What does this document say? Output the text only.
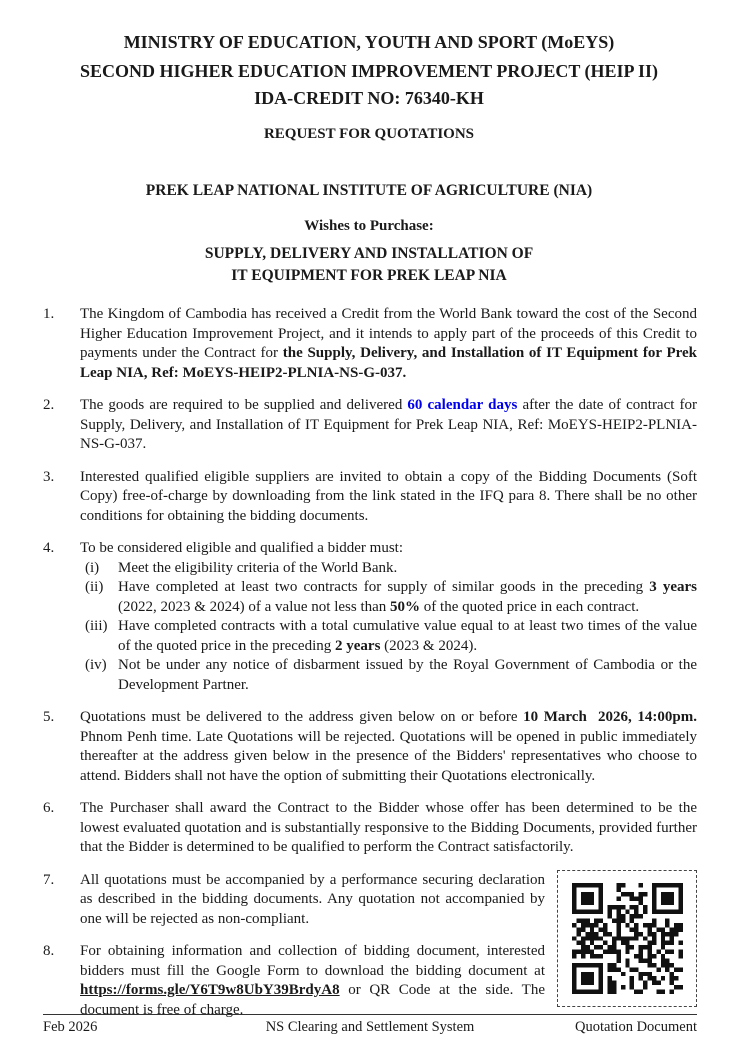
MINISTRY OF EDUCATION, YOUTH AND SPORT (MoEYS)
SECOND HIGHER EDUCATION IMPROVEMENT PROJECT (HEIP II)
IDA-CREDIT NO: 76340-KH
REQUEST FOR QUOTATIONS
PREK LEAP NATIONAL INSTITUTE OF AGRICULTURE (NIA)
Wishes to Purchase:
SUPPLY, DELIVERY AND INSTALLATION OF
IT EQUIPMENT FOR PREK LEAP NIA
1.	The Kingdom of Cambodia has received a Credit from the World Bank toward the cost of the Second Higher Education Improvement Project, and it intends to apply part of the proceeds of this Credit to payments under the Contract for the Supply, Delivery, and Installation of IT Equipment for Prek Leap NIA, Ref: MoEYS-HEIP2-PLNIA-NS-G-037.
2.	The goods are required to be supplied and delivered 60 calendar days after the date of contract for Supply, Delivery, and Installation of IT Equipment for Prek Leap NIA, Ref: MoEYS-HEIP2-PLNIA-NS-G-037.
3.	Interested qualified eligible suppliers are invited to obtain a copy of the Bidding Documents (Soft Copy) free-of-charge by downloading from the link stated in the IFQ para 8. There shall be no other conditions for obtaining the bidding documents.
4.	To be considered eligible and qualified a bidder must:
(i)	Meet the eligibility criteria of the World Bank.
(ii) Have completed at least two contracts for supply of similar goods in the preceding 3 years (2022, 2023 & 2024) of a value not less than 50% of the quoted price in each contract.
(iii) Have completed contracts with a total cumulative value equal to at least two times of the value of the quoted price in the preceding 2 years (2023 & 2024).
(iv) Not be under any notice of disbarment issued by the Royal Government of Cambodia or the Development Partner.
5.	Quotations must be delivered to the address given below on or before 10 March  2026, 14:00pm. Phnom Penh time. Late Quotations will be rejected. Quotations will be opened in public immediately thereafter at the address given below in the presence of the Bidders' representatives who choose to attend. Bidders shall not have the option of submitting their Quotations electronically.
6.	The Purchaser shall award the Contract to the Bidder whose offer has been determined to be the lowest evaluated quotation and is substantially responsive to the Bidding Documents, provided further that the Bidder is determined to be qualified to perform the Contract satisfactorily.
7.	All quotations must be accompanied by a performance securing declaration as described in the bidding documents. Any quotation not accompanied by one will be rejected as non-compliant.
8.	For obtaining information and collection of bidding document, interested bidders must fill the Google Form to download the bidding document at https://forms.gle/Y6T9w8UbY39BrdyA8 or QR Code at the side. The document is free of charge.
Feb 2026	NS Clearing and Settlement System	Quotation Document
